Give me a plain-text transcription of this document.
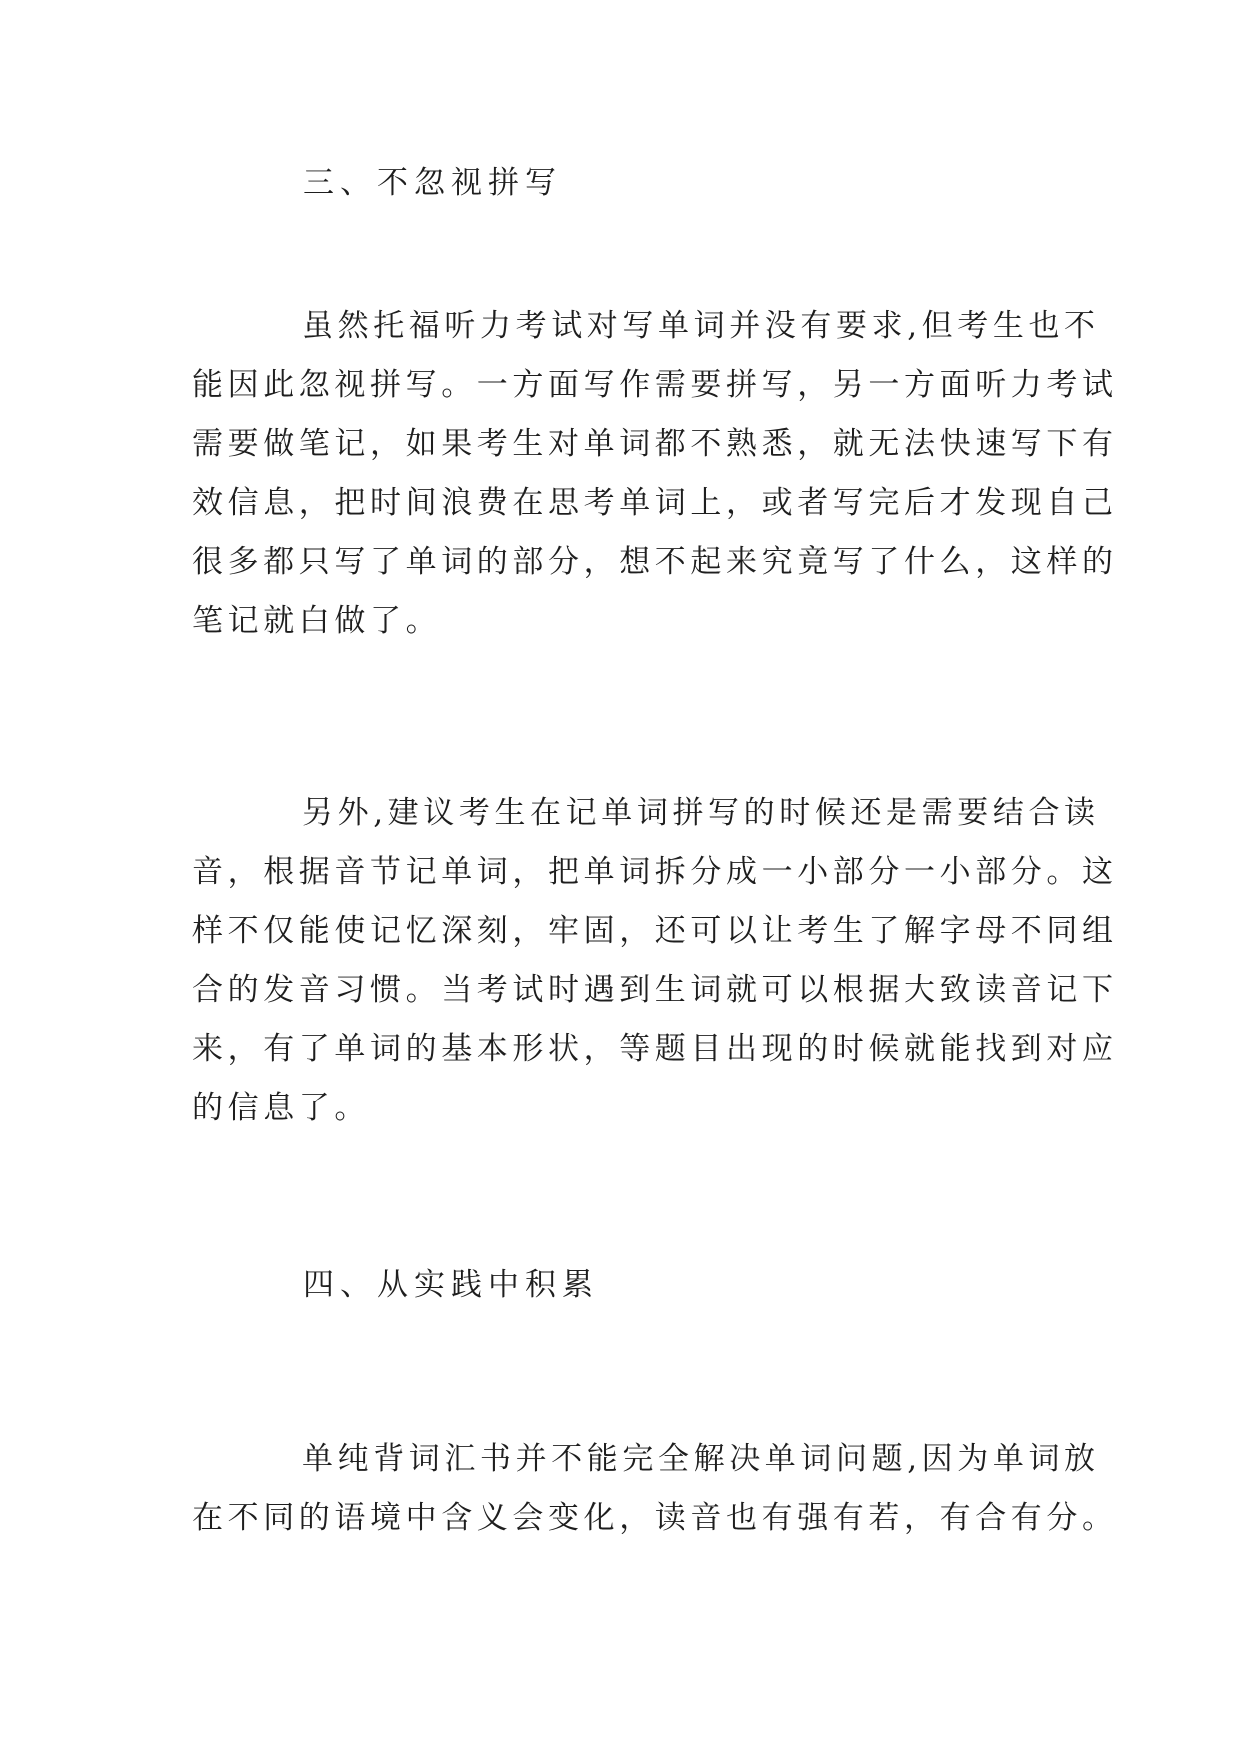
三、不忽视拼写
虽然托福听力考试对写单词并没有要求,但考生也不
能因此忽视拼写。一方面写作需要拼写，另一方面听力考试
需要做笔记，如果考生对单词都不熟悉，就无法快速写下有
效信息，把时间浪费在思考单词上，或者写完后才发现自己
很多都只写了单词的部分，想不起来究竟写了什么，这样的
笔记就白做了。
另外,建议考生在记单词拼写的时候还是需要结合读
音，根据音节记单词，把单词拆分成一小部分一小部分。这
样不仅能使记忆深刻，牢固，还可以让考生了解字母不同组
合的发音习惯。当考试时遇到生词就可以根据大致读音记下
来，有了单词的基本形状，等题目出现的时候就能找到对应
的信息了。
四、从实践中积累
单纯背词汇书并不能完全解决单词问题,因为单词放
在不同的语境中含义会变化，读音也有强有若，有合有分。
